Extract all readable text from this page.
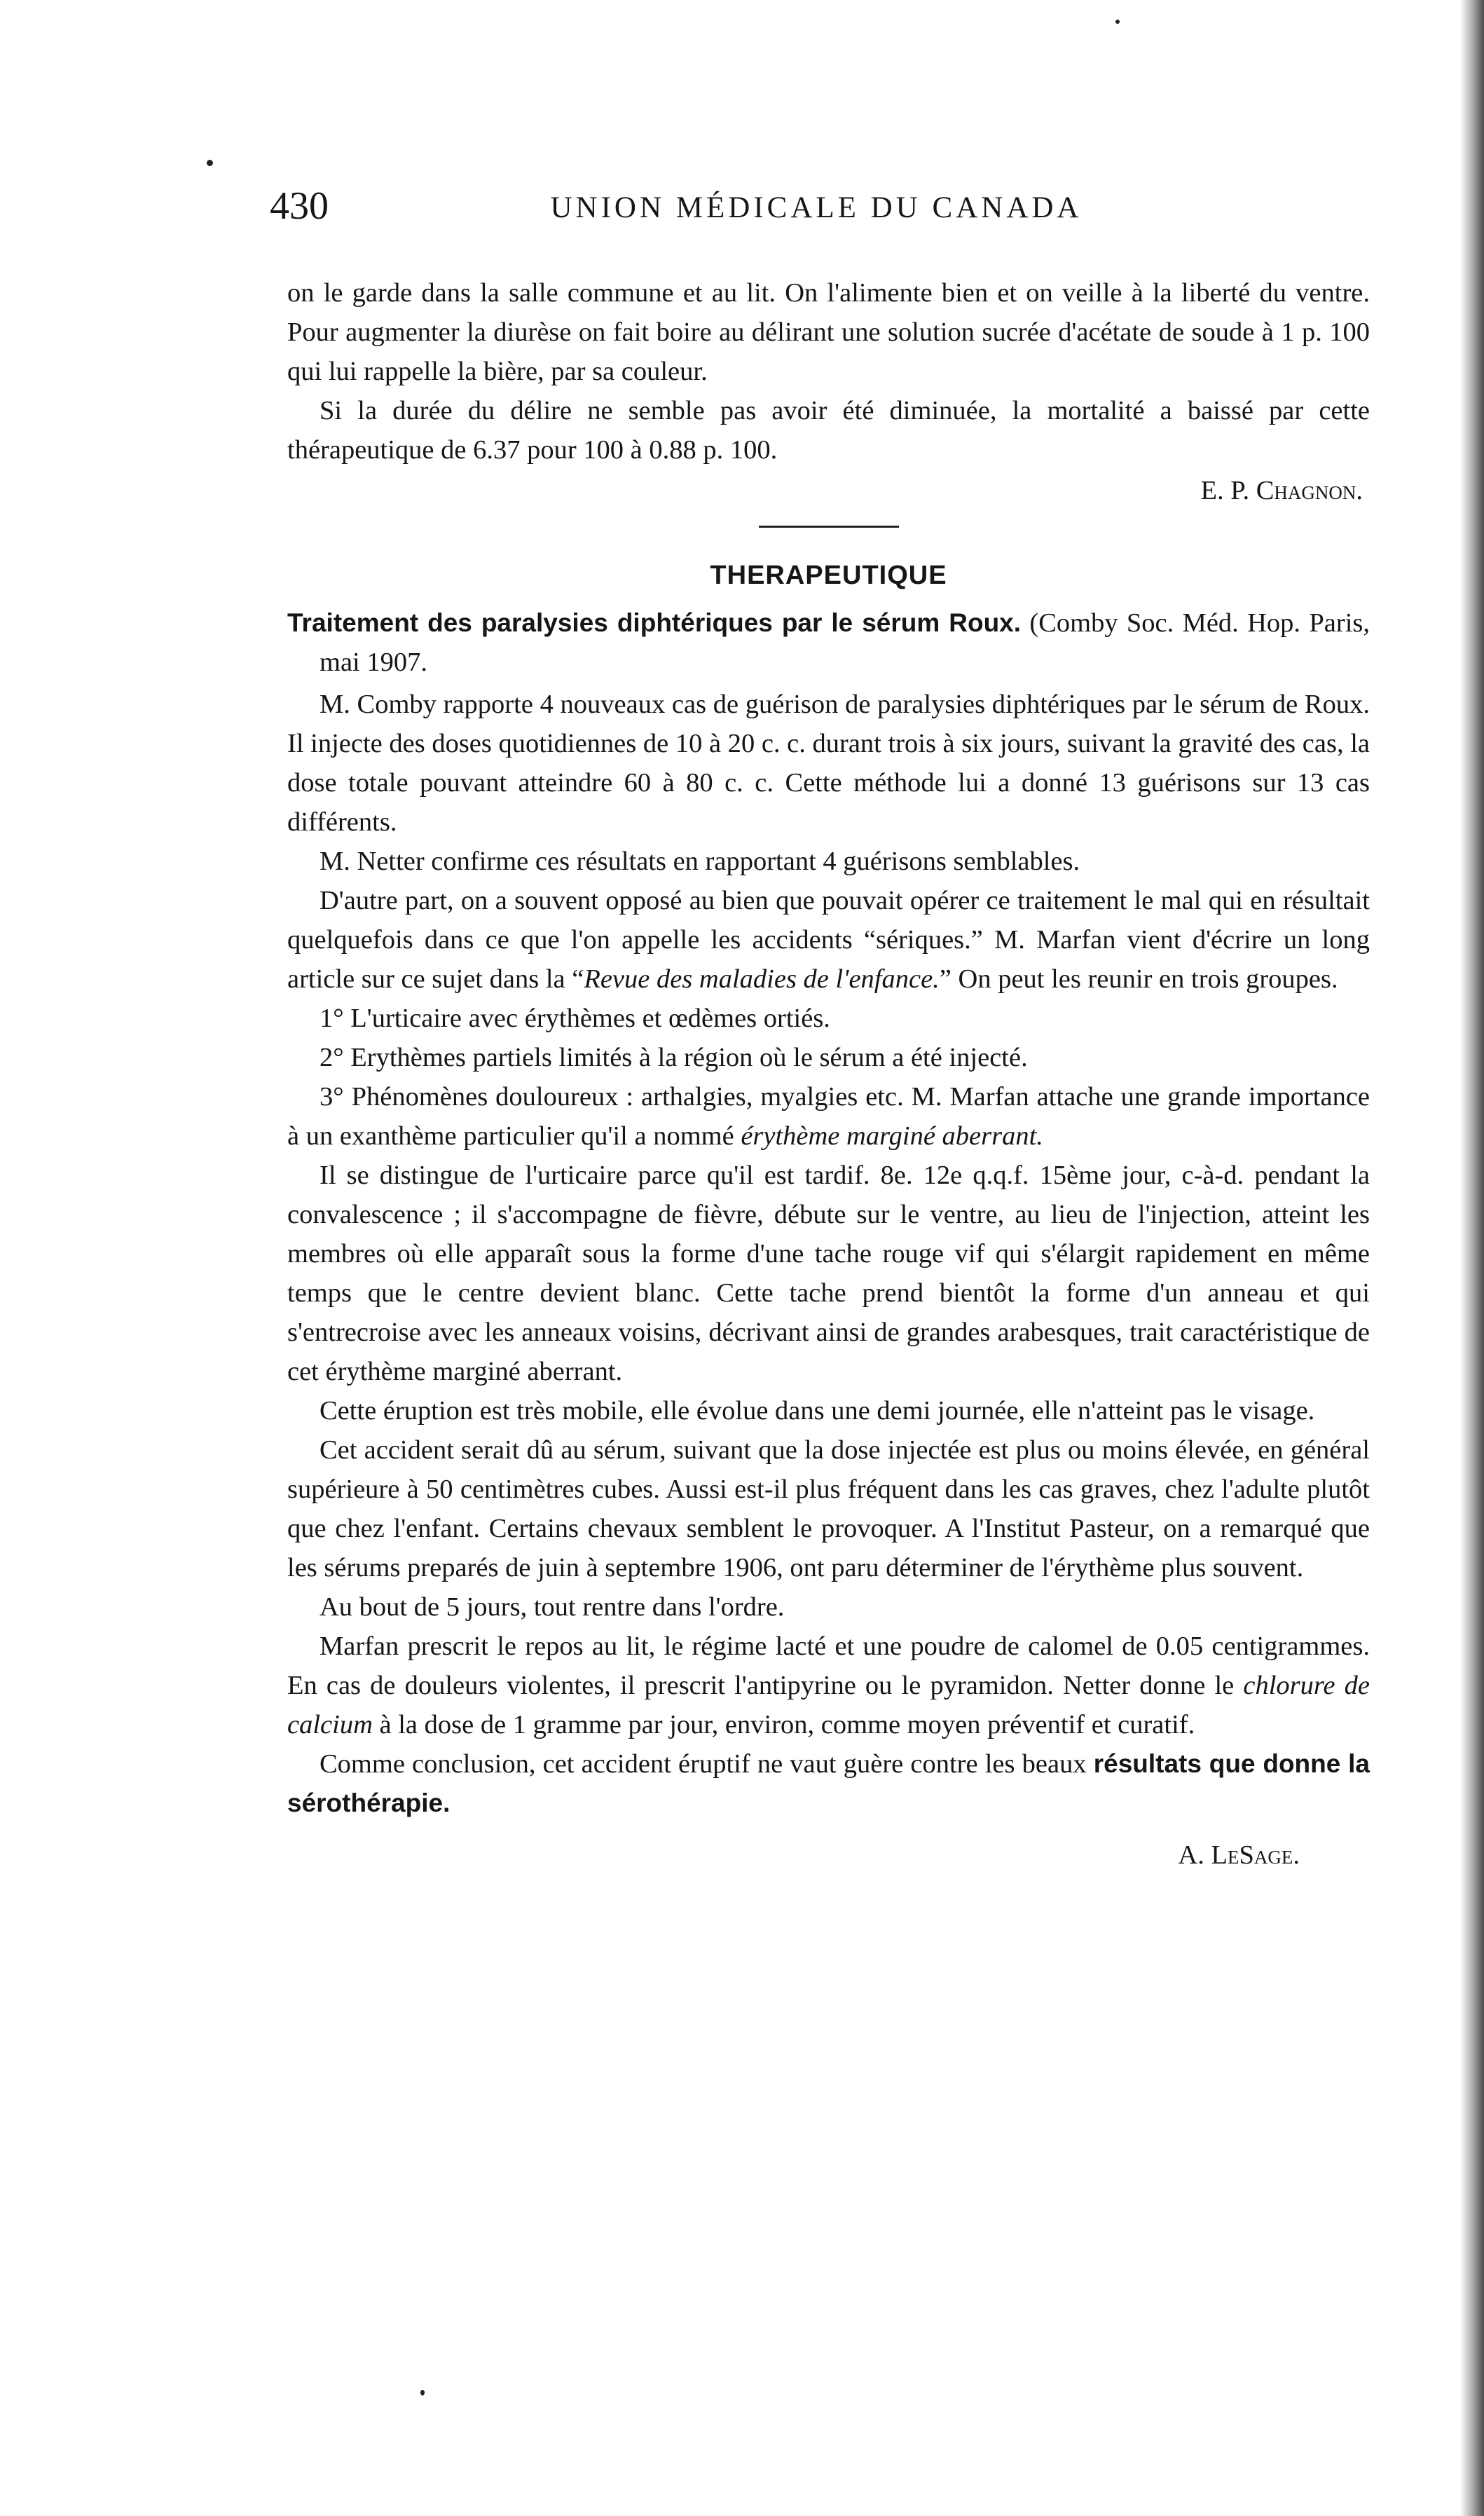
430	UNION MÉDICALE DU CANADA

on le garde dans la salle commune et au lit. On l'alimente bien et on veille à la liberté du ventre. Pour augmenter la diurèse on fait boire au délirant une solution sucrée d'acétate de soude à 1 p. 100 qui lui rappelle la bière, par sa couleur.

Si la durée du délire ne semble pas avoir été diminuée, la mortalité a baissé par cette thérapeutique de 6.37 pour 100 à 0.88 p. 100.

E. P. Chagnon.

THERAPEUTIQUE

Traitement des paralysies diphtériques par le sérum Roux. (Comby Soc. Méd. Hop. Paris, mai 1907.

M. Comby rapporte 4 nouveaux cas de guérison de paralysies diphtériques par le sérum de Roux. Il injecte des doses quotidiennes de 10 à 20 c. c. durant trois à six jours, suivant la gravité des cas, la dose totale pouvant atteindre 60 à 80 c. c. Cette méthode lui a donné 13 guérisons sur 13 cas différents.

M. Netter confirme ces résultats en rapportant 4 guérisons semblables.

D'autre part, on a souvent opposé au bien que pouvait opérer ce traitement le mal qui en résultait quelquefois dans ce que l'on appelle les accidents “sériques.” M. Marfan vient d'écrire un long article sur ce sujet dans la “Revue des maladies de l'enfance.” On peut les reunir en trois groupes.

1° L'urticaire avec érythèmes et œdèmes ortiés.

2° Erythèmes partiels limités à la région où le sérum a été injecté.

3° Phénomènes douloureux : arthalgies, myalgies etc. M. Marfan attache une grande importance à un exanthème particulier qu'il a nommé érythème marginé aberrant.

Il se distingue de l'urticaire parce qu'il est tardif. 8e. 12e q.q.f. 15ème jour, c-à-d. pendant la convalescence ; il s'accompagne de fièvre, débute sur le ventre, au lieu de l'injection, atteint les membres où elle apparaît sous la forme d'une tache rouge vif qui s'élargit rapidement en même temps que le centre devient blanc. Cette tache prend bientôt la forme d'un anneau et qui s'entrecroise avec les anneaux voisins, décrivant ainsi de grandes arabesques, trait caractéristique de cet érythème marginé aberrant.

Cette éruption est très mobile, elle évolue dans une demi journée, elle n'atteint pas le visage.

Cet accident serait dû au sérum, suivant que la dose injectée est plus ou moins élevée, en général supérieure à 50 centimètres cubes. Aussi est-il plus fréquent dans les cas graves, chez l'adulte plutôt que chez l'enfant. Certains chevaux semblent le provoquer. A l'Institut Pasteur, on a remarqué que les sérums preparés de juin à septembre 1906, ont paru déterminer de l'érythème plus souvent.

Au bout de 5 jours, tout rentre dans l'ordre.

Marfan prescrit le repos au lit, le régime lacté et une poudre de calomel de 0.05 centigrammes. En cas de douleurs violentes, il prescrit l'antipyrine ou le pyramidon. Netter donne le chlorure de calcium à la dose de 1 gramme par jour, environ, comme moyen préventif et curatif.

Comme conclusion, cet accident éruptif ne vaut guère contre les beaux résultats que donne la sérothérapie.

A. LeSage.
